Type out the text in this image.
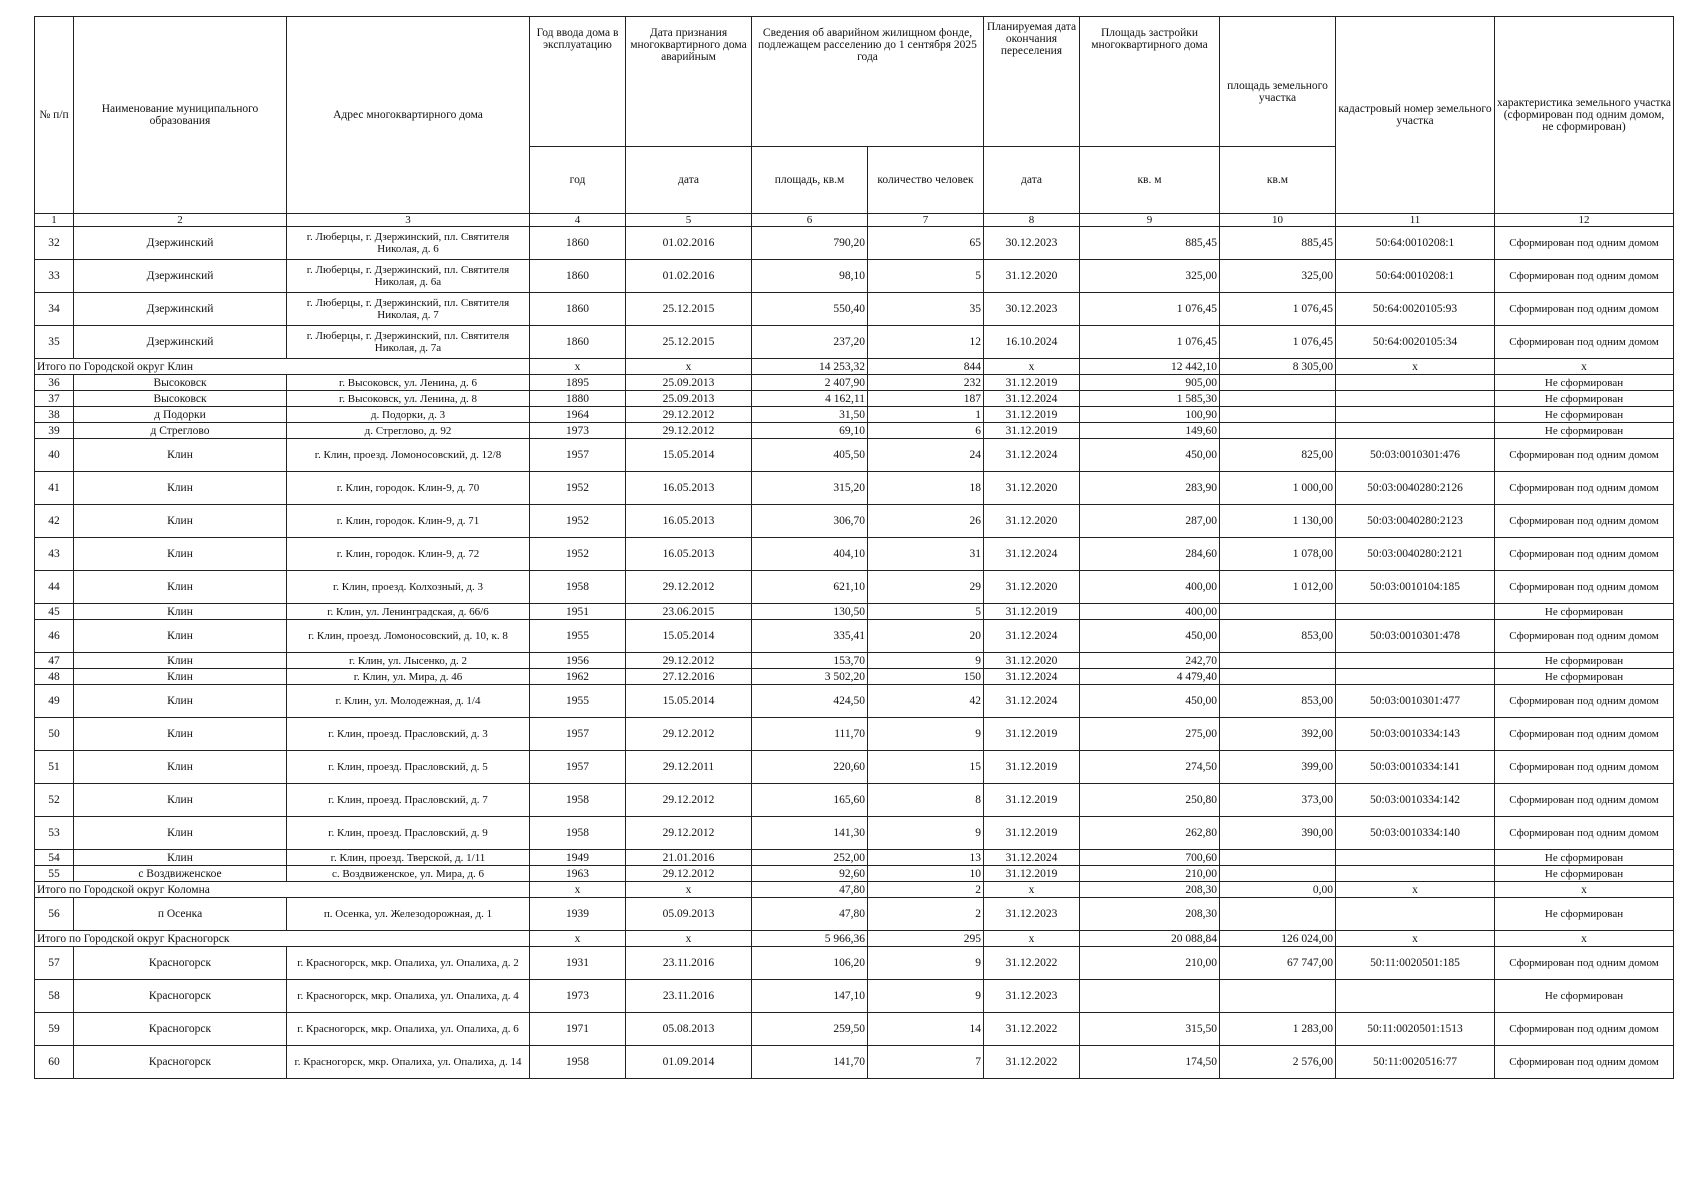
№ п/п	Наименование муниципального образования	Адрес многоквартирного дома	Год ввода дома в эксплуатацию	Дата признания многоквартирного дома аварийным	Сведения об аварийном жилищном фонде, подлежащем расселению до 1 сентября 2025 года		Планируемая дата окончания переселения	Площадь застройки многоквартирного дома	площадь земельного участка	кадастровый номер земельного участка	характеристика земельного участка (сформирован под одним домом, не сформирован)
			год	дата	площадь, кв.м	количество человек	дата	кв. м	кв.м		
1	2	3	4	5	6	7	8	9	10	11	12
32	Дзержинский	г. Люберцы, г. Дзержинский, пл. Святителя Николая, д. 6	1860	01.02.2016	790,20	65	30.12.2023	885,45	885,45	50:64:0010208:1	Сформирован под одним домом
33	Дзержинский	г. Люберцы, г. Дзержинский, пл. Святителя Николая, д. 6а	1860	01.02.2016	98,10	5	31.12.2020	325,00	325,00	50:64:0010208:1	Сформирован под одним домом
34	Дзержинский	г. Люберцы, г. Дзержинский, пл. Святителя Николая, д. 7	1860	25.12.2015	550,40	35	30.12.2023	1 076,45	1 076,45	50:64:0020105:93	Сформирован под одним домом
35	Дзержинский	г. Люберцы, г. Дзержинский, пл. Святителя Николая, д. 7а	1860	25.12.2015	237,20	12	16.10.2024	1 076,45	1 076,45	50:64:0020105:34	Сформирован под одним домом
Итого по Городской округ Клин			x	x	14 253,32	844	x	12 442,10	8 305,00	x	x
36	Высоковск	г. Высоковск, ул. Ленина, д. 6	1895	25.09.2013	2 407,90	232	31.12.2019	905,00			Не сформирован
37	Высоковск	г. Высоковск, ул. Ленина, д. 8	1880	25.09.2013	4 162,11	187	31.12.2024	1 585,30			Не сформирован
38	д Подорки	д. Подорки, д. 3	1964	29.12.2012	31,50	1	31.12.2019	100,90			Не сформирован
39	д Стреглово	д. Стреглово, д. 92	1973	29.12.2012	69,10	6	31.12.2019	149,60			Не сформирован
40	Клин	г. Клин, проезд. Ломоносовский, д. 12/8	1957	15.05.2014	405,50	24	31.12.2024	450,00	825,00	50:03:0010301:476	Сформирован под одним домом
41	Клин	г. Клин, городок. Клин-9, д. 70	1952	16.05.2013	315,20	18	31.12.2020	283,90	1 000,00	50:03:0040280:2126	Сформирован под одним домом
42	Клин	г. Клин, городок. Клин-9, д. 71	1952	16.05.2013	306,70	26	31.12.2020	287,00	1 130,00	50:03:0040280:2123	Сформирован под одним домом
43	Клин	г. Клин, городок. Клин-9, д. 72	1952	16.05.2013	404,10	31	31.12.2024	284,60	1 078,00	50:03:0040280:2121	Сформирован под одним домом
44	Клин	г. Клин, проезд. Колхозный, д. 3	1958	29.12.2012	621,10	29	31.12.2020	400,00	1 012,00	50:03:0010104:185	Сформирован под одним домом
45	Клин	г. Клин, ул. Ленинградская, д. 66/6	1951	23.06.2015	130,50	5	31.12.2019	400,00			Не сформирован
46	Клин	г. Клин, проезд. Ломоносовский, д. 10, к. 8	1955	15.05.2014	335,41	20	31.12.2024	450,00	853,00	50:03:0010301:478	Сформирован под одним домом
47	Клин	г. Клин, ул. Лысенко, д. 2	1956	29.12.2012	153,70	9	31.12.2020	242,70			Не сформирован
48	Клин	г. Клин, ул. Мира, д. 46	1962	27.12.2016	3 502,20	150	31.12.2024	4 479,40			Не сформирован
49	Клин	г. Клин, ул. Молодежная, д. 1/4	1955	15.05.2014	424,50	42	31.12.2024	450,00	853,00	50:03:0010301:477	Сформирован под одним домом
50	Клин	г. Клин, проезд. Прасловский, д. 3	1957	29.12.2012	111,70	9	31.12.2019	275,00	392,00	50:03:0010334:143	Сформирован под одним домом
51	Клин	г. Клин, проезд. Прасловский, д. 5	1957	29.12.2011	220,60	15	31.12.2019	274,50	399,00	50:03:0010334:141	Сформирован под одним домом
52	Клин	г. Клин, проезд. Прасловский, д. 7	1958	29.12.2012	165,60	8	31.12.2019	250,80	373,00	50:03:0010334:142	Сформирован под одним домом
53	Клин	г. Клин, проезд. Прасловский, д. 9	1958	29.12.2012	141,30	9	31.12.2019	262,80	390,00	50:03:0010334:140	Сформирован под одним домом
54	Клин	г. Клин, проезд. Тверской, д. 1/11	1949	21.01.2016	252,00	13	31.12.2024	700,60			Не сформирован
55	с Воздвиженское	с. Воздвиженское, ул. Мира, д. 6	1963	29.12.2012	92,60	10	31.12.2019	210,00			Не сформирован
Итого по Городской округ Коломна			x	x	47,80	2	x	208,30	0,00	x	x
56	п Осенка	п. Осенка, ул. Железодорожная, д. 1	1939	05.09.2013	47,80	2	31.12.2023	208,30			Не сформирован
Итого по Городской округ Красногорск			x	x	5 966,36	295	x	20 088,84	126 024,00	x	x
57	Красногорск	г. Красногорск, мкр. Опалиха, ул. Опалиха, д. 2	1931	23.11.2016	106,20	9	31.12.2022	210,00	67 747,00	50:11:0020501:185	Сформирован под одним домом
58	Красногорск	г. Красногорск, мкр. Опалиха, ул. Опалиха, д. 4	1973	23.11.2016	147,10	9	31.12.2023				Не сформирован
59	Красногорск	г. Красногорск, мкр. Опалиха, ул. Опалиха, д. 6	1971	05.08.2013	259,50	14	31.12.2022	315,50	1 283,00	50:11:0020501:1513	Сформирован под одним домом
60	Красногорск	г. Красногорск, мкр. Опалиха, ул. Опалиха, д. 14	1958	01.09.2014	141,70	7	31.12.2022	174,50	2 576,00	50:11:0020516:77	Сформирован под одним домом
